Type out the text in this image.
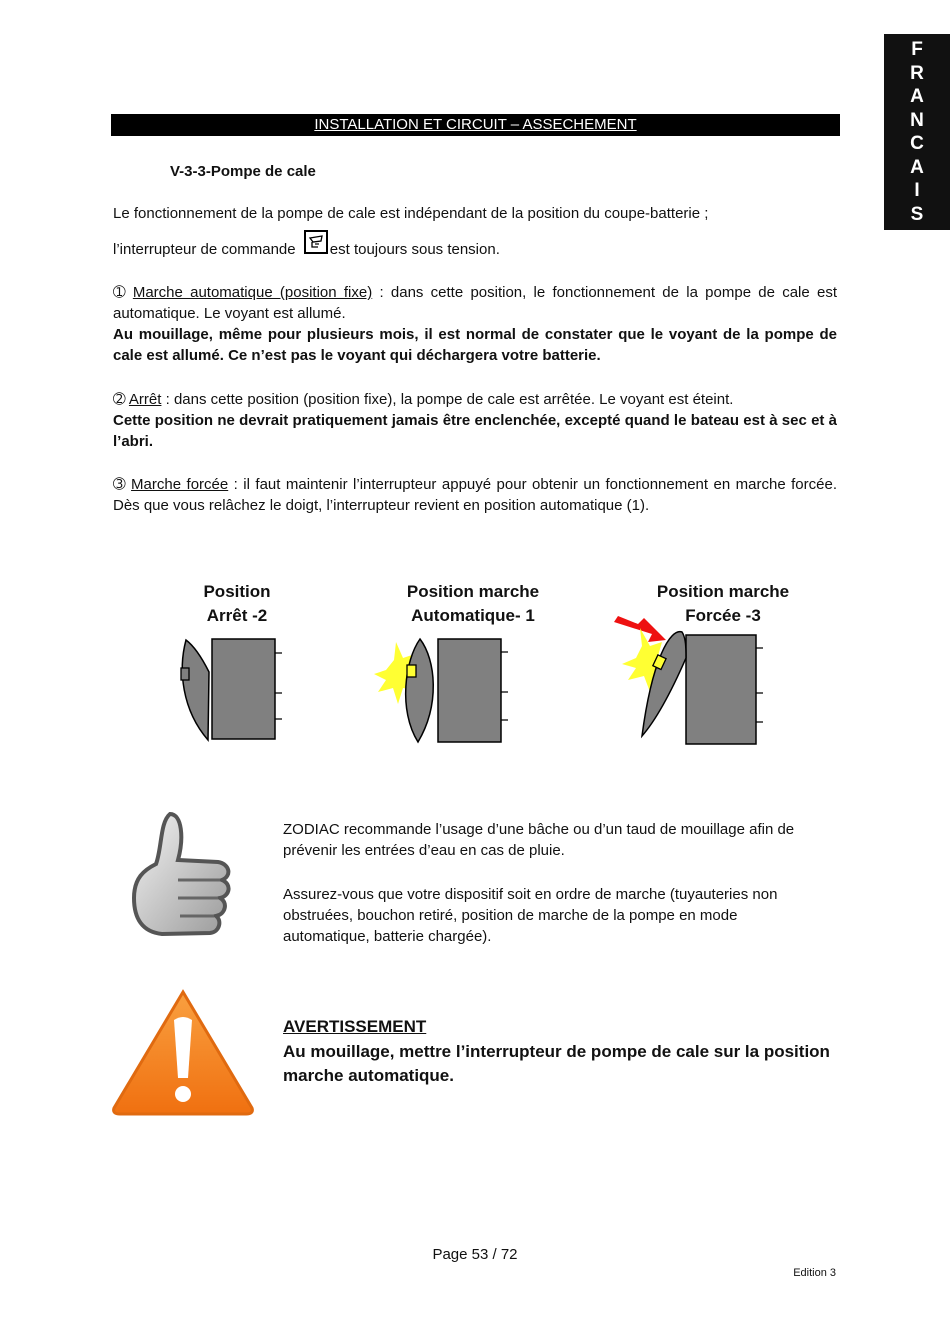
F
R
A
N
C
A
I
S
INSTALLATION ET CIRCUIT – ASSECHEMENT
V-3-3-Pompe de cale

Le fonctionnement de la pompe de cale est indépendant de la position du coupe-batterie ;

l’interrupteur de commande
est toujours sous tension.

➀ Marche automatique (position fixe) : dans cette position, le fonctionnement de la pompe de cale est automatique. Le voyant est allumé.
Au mouillage, même pour plusieurs mois, il est normal de constater que le voyant de la pompe de cale est allumé. Ce n’est pas le voyant qui déchargera votre batterie.

➁ Arrêt : dans cette position (position fixe), la pompe de cale est arrêtée. Le voyant est éteint.
Cette position ne devrait pratiquement jamais être enclenchée, excepté quand le bateau est à sec et à l’abri.

➂ Marche forcée : il faut maintenir l’interrupteur appuyé pour obtenir un fonctionnement en marche forcée. Dès que vous relâchez le doigt, l’interrupteur revient en position automatique (1).

Position
Arrêt -2
Position marche
Automatique- 1
Position marche
Forcée -3

ZODIAC recommande l’usage d’une bâche ou d’un taud de mouillage afin de prévenir les entrées d’eau en cas de pluie.

Assurez-vous que votre dispositif soit en ordre de marche (tuyauteries non obstruées, bouchon retiré, position de marche de la pompe en mode automatique, batterie chargée).

AVERTISSEMENT

Au mouillage, mettre l’interrupteur de pompe de cale sur la position marche automatique.

Page 53 / 72
Edition 3
